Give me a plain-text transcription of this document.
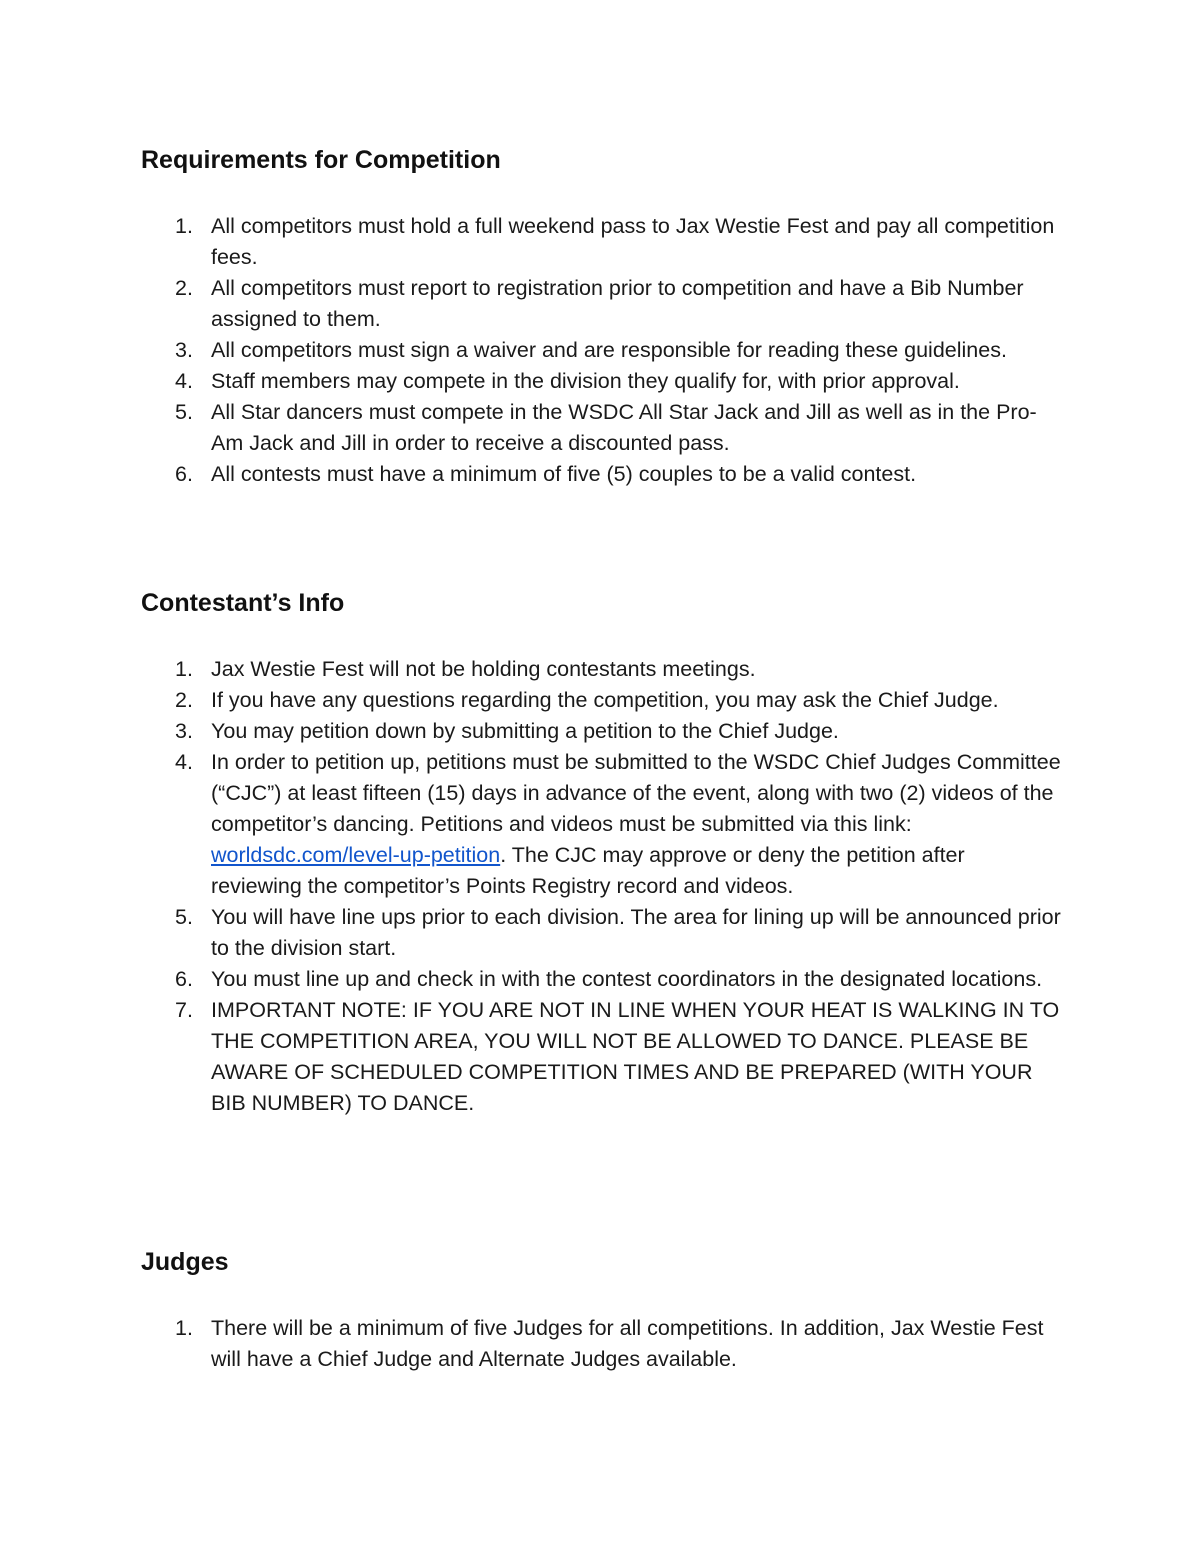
Requirements for Competition
1. All competitors must hold a full weekend pass to Jax Westie Fest and pay all competition fees.
2. All competitors must report to registration prior to competition and have a Bib Number assigned to them.
3. All competitors must sign a waiver and are responsible for reading these guidelines.
4. Staff members may compete in the division they qualify for, with prior approval.
5. All Star dancers must compete in the WSDC All Star Jack and Jill as well as in the Pro-Am Jack and Jill in order to receive a discounted pass.
6. All contests must have a minimum of five (5) couples to be a valid contest.
Contestant’s Info
1. Jax Westie Fest will not be holding contestants meetings.
2. If you have any questions regarding the competition, you may ask the Chief Judge.
3. You may petition down by submitting a petition to the Chief Judge.
4. In order to petition up, petitions must be submitted to the WSDC Chief Judges Committee (“CJC”) at least fifteen (15) days in advance of the event, along with two (2) videos of the competitor’s dancing. Petitions and videos must be submitted via this link: worldsdc.com/level-up-petition. The CJC may approve or deny the petition after reviewing the competitor’s Points Registry record and videos.
5. You will have line ups prior to each division. The area for lining up will be announced prior to the division start.
6. You must line up and check in with the contest coordinators in the designated locations.
7. IMPORTANT NOTE: IF YOU ARE NOT IN LINE WHEN YOUR HEAT IS WALKING IN TO THE COMPETITION AREA, YOU WILL NOT BE ALLOWED TO DANCE. PLEASE BE AWARE OF SCHEDULED COMPETITION TIMES AND BE PREPARED (WITH YOUR BIB NUMBER) TO DANCE.
Judges
1. There will be a minimum of five Judges for all competitions. In addition, Jax Westie Fest will have a Chief Judge and Alternate Judges available.
